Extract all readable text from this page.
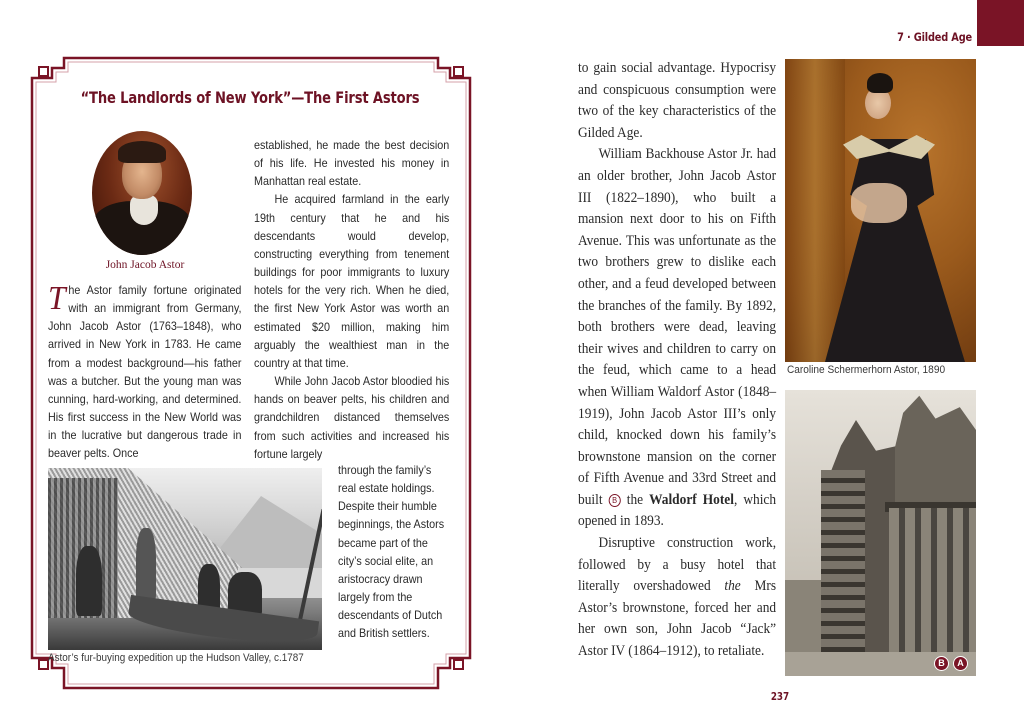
7 · Gilded Age
“The Landlords of New York”—The First Astors
John Jacob Astor

The Astor family fortune originated with an immigrant from Germany, John Jacob Astor (1763–1848), who arrived in New York in 1783. He came from a modest background—his father was a butcher. But the young man was cunning, hard-working, and determined. His first success in the New World was in the lucrative but dangerous trade in beaver pelts. Once

established, he made the best decision of his life. He invested his money in Manhattan real estate.

He acquired farmland in the early 19th century that he and his descendants would develop, constructing everything from tenement buildings for poor immigrants to luxury hotels for the very rich. When he died, the first New York Astor was worth an estimated $20 million, making him arguably the wealthiest man in the country at that time.

While John Jacob Astor bloodied his hands on beaver pelts, his children and grandchildren distanced themselves from such activities and increased his fortune largely

through the family’s real estate holdings. Despite their humble beginnings, the Astors became part of the city’s social elite, an aristocracy drawn largely from the descendants of Dutch and British settlers.

Astor’s fur-buying expedition up the Hudson Valley, c.1787

to gain social advantage. Hypocrisy and conspicuous consumption were two of the key characteristics of the Gilded Age.

William Backhouse Astor Jr. had an older brother, John Jacob Astor III (1822–1890), who built a mansion next door to his on Fifth Avenue. This was unfortunate as the two brothers grew to dislike each other, and a feud developed between the branches of the family. By 1892, both brothers were dead, leaving their wives and children to carry on the feud, which came to a head when William Waldorf Astor (1848–1919), John Jacob Astor III’s only child, knocked down his family’s brownstone mansion on the corner of Fifth Avenue and 33rd Street and built B the Waldorf Hotel, which opened in 1893.

Disruptive construction work, followed by a busy hotel that literally overshadowed the Mrs Astor’s brownstone, forced her and her own son, John Jacob “Jack” Astor IV (1864–1912), to retaliate.

Caroline Schermerhorn Astor, 1890
B	A
237
